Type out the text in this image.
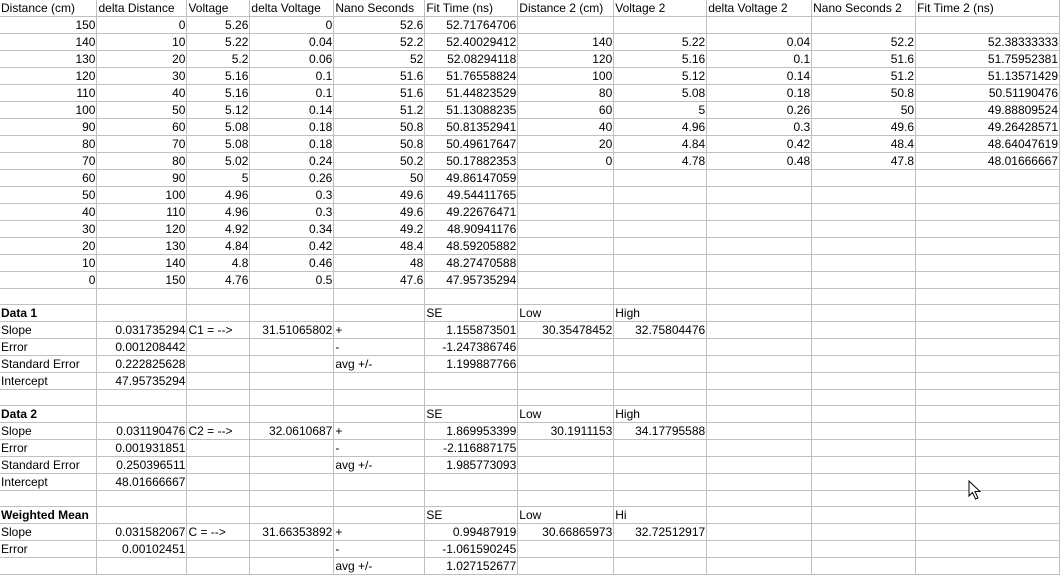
Distance (cm)	delta Distance	Voltage	delta Voltage	Nano Seconds	Fit Time (ns)	Distance 2 (cm)	Voltage 2	delta Voltage 2	Nano Seconds 2	Fit Time 2 (ns)
150	0	5.26	0	52.6	52.71764706					
140	10	5.22	0.04	52.2	52.40029412	140	5.22	0.04	52.2	52.38333333
130	20	5.2	0.06	52	52.08294118	120	5.16	0.1	51.6	51.75952381
120	30	5.16	0.1	51.6	51.76558824	100	5.12	0.14	51.2	51.13571429
110	40	5.16	0.1	51.6	51.44823529	80	5.08	0.18	50.8	50.51190476
100	50	5.12	0.14	51.2	51.13088235	60	5	0.26	50	49.88809524
90	60	5.08	0.18	50.8	50.81352941	40	4.96	0.3	49.6	49.26428571
80	70	5.08	0.18	50.8	50.49617647	20	4.84	0.42	48.4	48.64047619
70	80	5.02	0.24	50.2	50.17882353	0	4.78	0.48	47.8	48.01666667
60	90	5	0.26	50	49.86147059					
50	100	4.96	0.3	49.6	49.54411765					
40	110	4.96	0.3	49.6	49.22676471					
30	120	4.92	0.34	49.2	48.90941176					
20	130	4.84	0.42	48.4	48.59205882					
10	140	4.8	0.46	48	48.27470588					
0	150	4.76	0.5	47.6	47.95735294					

Data 1					SE	Low	High			
Slope	0.031735294	C1 = -->	31.51065802	+	1.155873501	30.35478452	32.75804476			
Error	0.001208442			-	-1.247386746					
Standard Error	0.222825628			avg +/-	1.199887766					
Intercept	47.95735294									

Data 2					SE	Low	High			
Slope	0.031190476	C2 = -->	32.0610687	+	1.869953399	30.1911153	34.17795588			
Error	0.001931851			-	-2.116887175					
Standard Error	0.250396511			avg +/-	1.985773093					
Intercept	48.01666667									

Weighted Mean					SE	Low	Hi			
Slope	0.031582067	C = -->	31.66353892	+	0.99487919	30.66865973	32.72512917			
Error	0.00102451			-	-1.061590245					
				avg +/-	1.027152677					
